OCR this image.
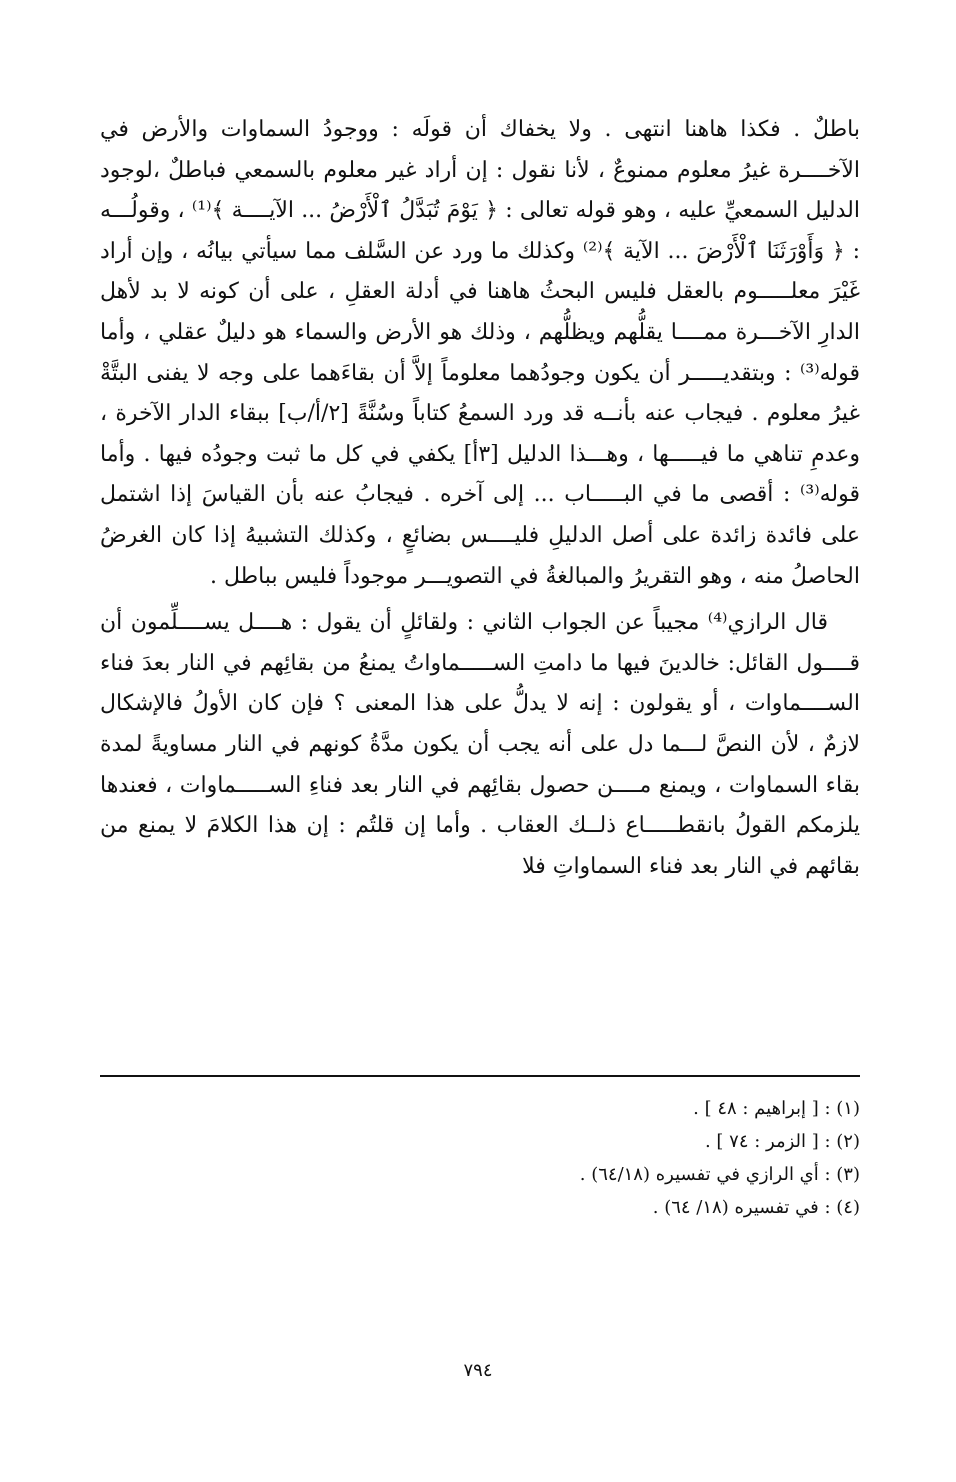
باطلٌ . فكذا هاهنا انتهى . ولا يخفاك أن قولَه : ووجودُ السماوات والأرض في الآخــــرة غيرُ معلوم ممنوعٌ ، لأنا نقول : إن أراد غير معلوم بالسمعي فباطلٌ ،لوجود الدليل السمعيِّ عليه ، وهو قوله تعالى : ﴿ يَوْمَ تُبَدَّلُ ٱلْأَرْضُ ... الآيــــة ﴾⁽¹⁾ ، وقولُـــه : ﴿ وَأَوْرَثَنَا ٱلْأَرْضَ ... الآية ﴾⁽²⁾ وكذلك ما ورد عن السَّلف مما سيأتي بيانُه ، وإن أراد غَيْرَ معلـــــوم بالعقل فليس البحثُ هاهنا في أدلة العقلِ ، على أن كونه لا بد لأهل الدارِ الآخـــرة ممــــا يقلُّهم ويظلُّهم ، وذلك هو الأرض والسماء هو دليلٌ عقلي ، وأما قوله⁽³⁾ : وبتقديـــــر أن يكون وجودُهما معلوماً إلاَّ أن بقاءَهما على وجه لا يفنى البتَّةْ غيرُ معلوم . فيجاب عنه بأنــه قد ورد السمعُ كتاباً وسُنَّةً [٢/أ/ب] ببقاء الدار الآخرة ، وعدمِ تناهي ما فيـــــها ، وهـــذا الدليل [٣أ] يكفي في كل ما ثبت وجودُه فيها . وأما قوله⁽³⁾ : أقصى ما في البـــــاب ... إلى آخره . فيجابُ عنه بأن القياسَ إذا اشتمل على فائدة زائدة على أصل الدليلِ فليــــس بضائعٍ ، وكذلك التشبيهُ إذا كان الغرضُ الحاصلُ منه ، وهو التقريرُ والمبالغةُ في التصويـــر موجوداً فليس بباطل .

قال الرازي⁽⁴⁾ مجيباً عن الجواب الثاني : ولقائلٍ أن يقول : هــــل يســــلِّمون أن قــــول القائل: خالدينَ فيها ما دامتِ الســـــماواتُ يمنعُ من بقائِهم في النار بعدَ فناء الســــماوات ، أو يقولون : إنه لا يدلُّ على هذا المعنى ؟ فإن كان الأولُ فالإشكال لازمٌ ، لأن النصَّ لـــما دل على أنه يجب أن يكون مدَّةُ كونهم في النار مساويةً لمدة بقاء السماوات ، ويمنع مــــن حصول بقائِهم في النار بعد فناءِ الســـــماوات ، فعندها يلزمكم القولُ بانقطـــــاع ذلــك العقاب . وأما إن قلتُم : إن هذا الكلامَ لا يمنع من بقائهم في النار بعد فناء السماواتِ فلا

(١) : [ إبراهيم : ٤٨ ] .
(٢) : [ الزمر : ٧٤ ] .
(٣) : أي الرازي في تفسيره (٦٤/١٨) .
(٤) : في تفسيره (١٨/ ٦٤) .
٧٩٤
